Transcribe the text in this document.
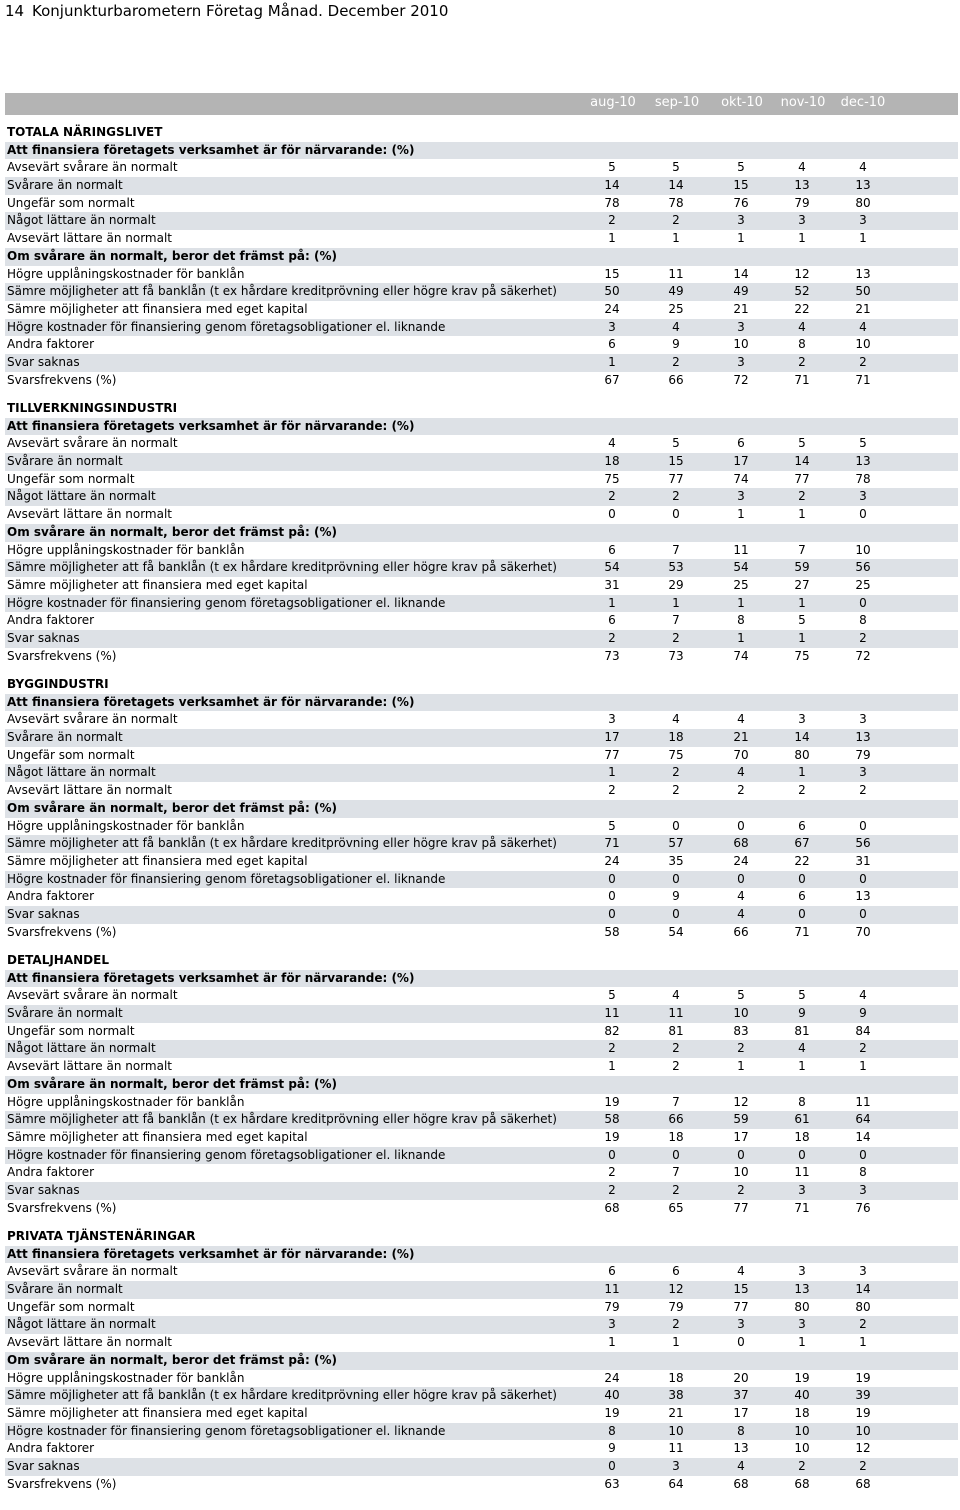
14 Konjunkturbarometern Företag Månad. December 2010
aug-10	sep-10	okt-10	nov-10	dec-10
TOTALA NÄRINGSLIVET
Att finansiera företagets verksamhet är för närvarande: (%)
Avsevärt svårare än normalt	5	5	5	4	4
Svårare än normalt	14	14	15	13	13
Ungefär som normalt	78	78	76	79	80
Något lättare än normalt	2	2	3	3	3
Avsevärt lättare än normalt	1	1	1	1	1
Om svårare än normalt, beror det främst på: (%)
Högre upplåningskostnader för banklån	15	11	14	12	13
Sämre möjligheter att få banklån (t ex hårdare kreditprövning eller högre krav på säkerhet)	50	49	49	52	50
Sämre möjligheter att finansiera med eget kapital	24	25	21	22	21
Högre kostnader för finansiering genom företagsobligationer el. liknande	3	4	3	4	4
Andra faktorer	6	9	10	8	10
Svar saknas	1	2	3	2	2
Svarsfrekvens (%)	67	66	72	71	71
TILLVERKNINGSINDUSTRI
Att finansiera företagets verksamhet är för närvarande: (%)
Avsevärt svårare än normalt	4	5	6	5	5
Svårare än normalt	18	15	17	14	13
Ungefär som normalt	75	77	74	77	78
Något lättare än normalt	2	2	3	2	3
Avsevärt lättare än normalt	0	0	1	1	0
Om svårare än normalt, beror det främst på: (%)
Högre upplåningskostnader för banklån	6	7	11	7	10
Sämre möjligheter att få banklån (t ex hårdare kreditprövning eller högre krav på säkerhet)	54	53	54	59	56
Sämre möjligheter att finansiera med eget kapital	31	29	25	27	25
Högre kostnader för finansiering genom företagsobligationer el. liknande	1	1	1	1	0
Andra faktorer	6	7	8	5	8
Svar saknas	2	2	1	1	2
Svarsfrekvens (%)	73	73	74	75	72
BYGGINDUSTRI
Att finansiera företagets verksamhet är för närvarande: (%)
Avsevärt svårare än normalt	3	4	4	3	3
Svårare än normalt	17	18	21	14	13
Ungefär som normalt	77	75	70	80	79
Något lättare än normalt	1	2	4	1	3
Avsevärt lättare än normalt	2	2	2	2	2
Om svårare än normalt, beror det främst på: (%)
Högre upplåningskostnader för banklån	5	0	0	6	0
Sämre möjligheter att få banklån (t ex hårdare kreditprövning eller högre krav på säkerhet)	71	57	68	67	56
Sämre möjligheter att finansiera med eget kapital	24	35	24	22	31
Högre kostnader för finansiering genom företagsobligationer el. liknande	0	0	0	0	0
Andra faktorer	0	9	4	6	13
Svar saknas	0	0	4	0	0
Svarsfrekvens (%)	58	54	66	71	70
DETALJHANDEL
Att finansiera företagets verksamhet är för närvarande: (%)
Avsevärt svårare än normalt	5	4	5	5	4
Svårare än normalt	11	11	10	9	9
Ungefär som normalt	82	81	83	81	84
Något lättare än normalt	2	2	2	4	2
Avsevärt lättare än normalt	1	2	1	1	1
Om svårare än normalt, beror det främst på: (%)
Högre upplåningskostnader för banklån	19	7	12	8	11
Sämre möjligheter att få banklån (t ex hårdare kreditprövning eller högre krav på säkerhet)	58	66	59	61	64
Sämre möjligheter att finansiera med eget kapital	19	18	17	18	14
Högre kostnader för finansiering genom företagsobligationer el. liknande	0	0	0	0	0
Andra faktorer	2	7	10	11	8
Svar saknas	2	2	2	3	3
Svarsfrekvens (%)	68	65	77	71	76
PRIVATA TJÄNSTENÄRINGAR
Att finansiera företagets verksamhet är för närvarande: (%)
Avsevärt svårare än normalt	6	6	4	3	3
Svårare än normalt	11	12	15	13	14
Ungefär som normalt	79	79	77	80	80
Något lättare än normalt	3	2	3	3	2
Avsevärt lättare än normalt	1	1	0	1	1
Om svårare än normalt, beror det främst på: (%)
Högre upplåningskostnader för banklån	24	18	20	19	19
Sämre möjligheter att få banklån (t ex hårdare kreditprövning eller högre krav på säkerhet)	40	38	37	40	39
Sämre möjligheter att finansiera med eget kapital	19	21	17	18	19
Högre kostnader för finansiering genom företagsobligationer el. liknande	8	10	8	10	10
Andra faktorer	9	11	13	10	12
Svar saknas	0	3	4	2	2
Svarsfrekvens (%)	63	64	68	68	68
